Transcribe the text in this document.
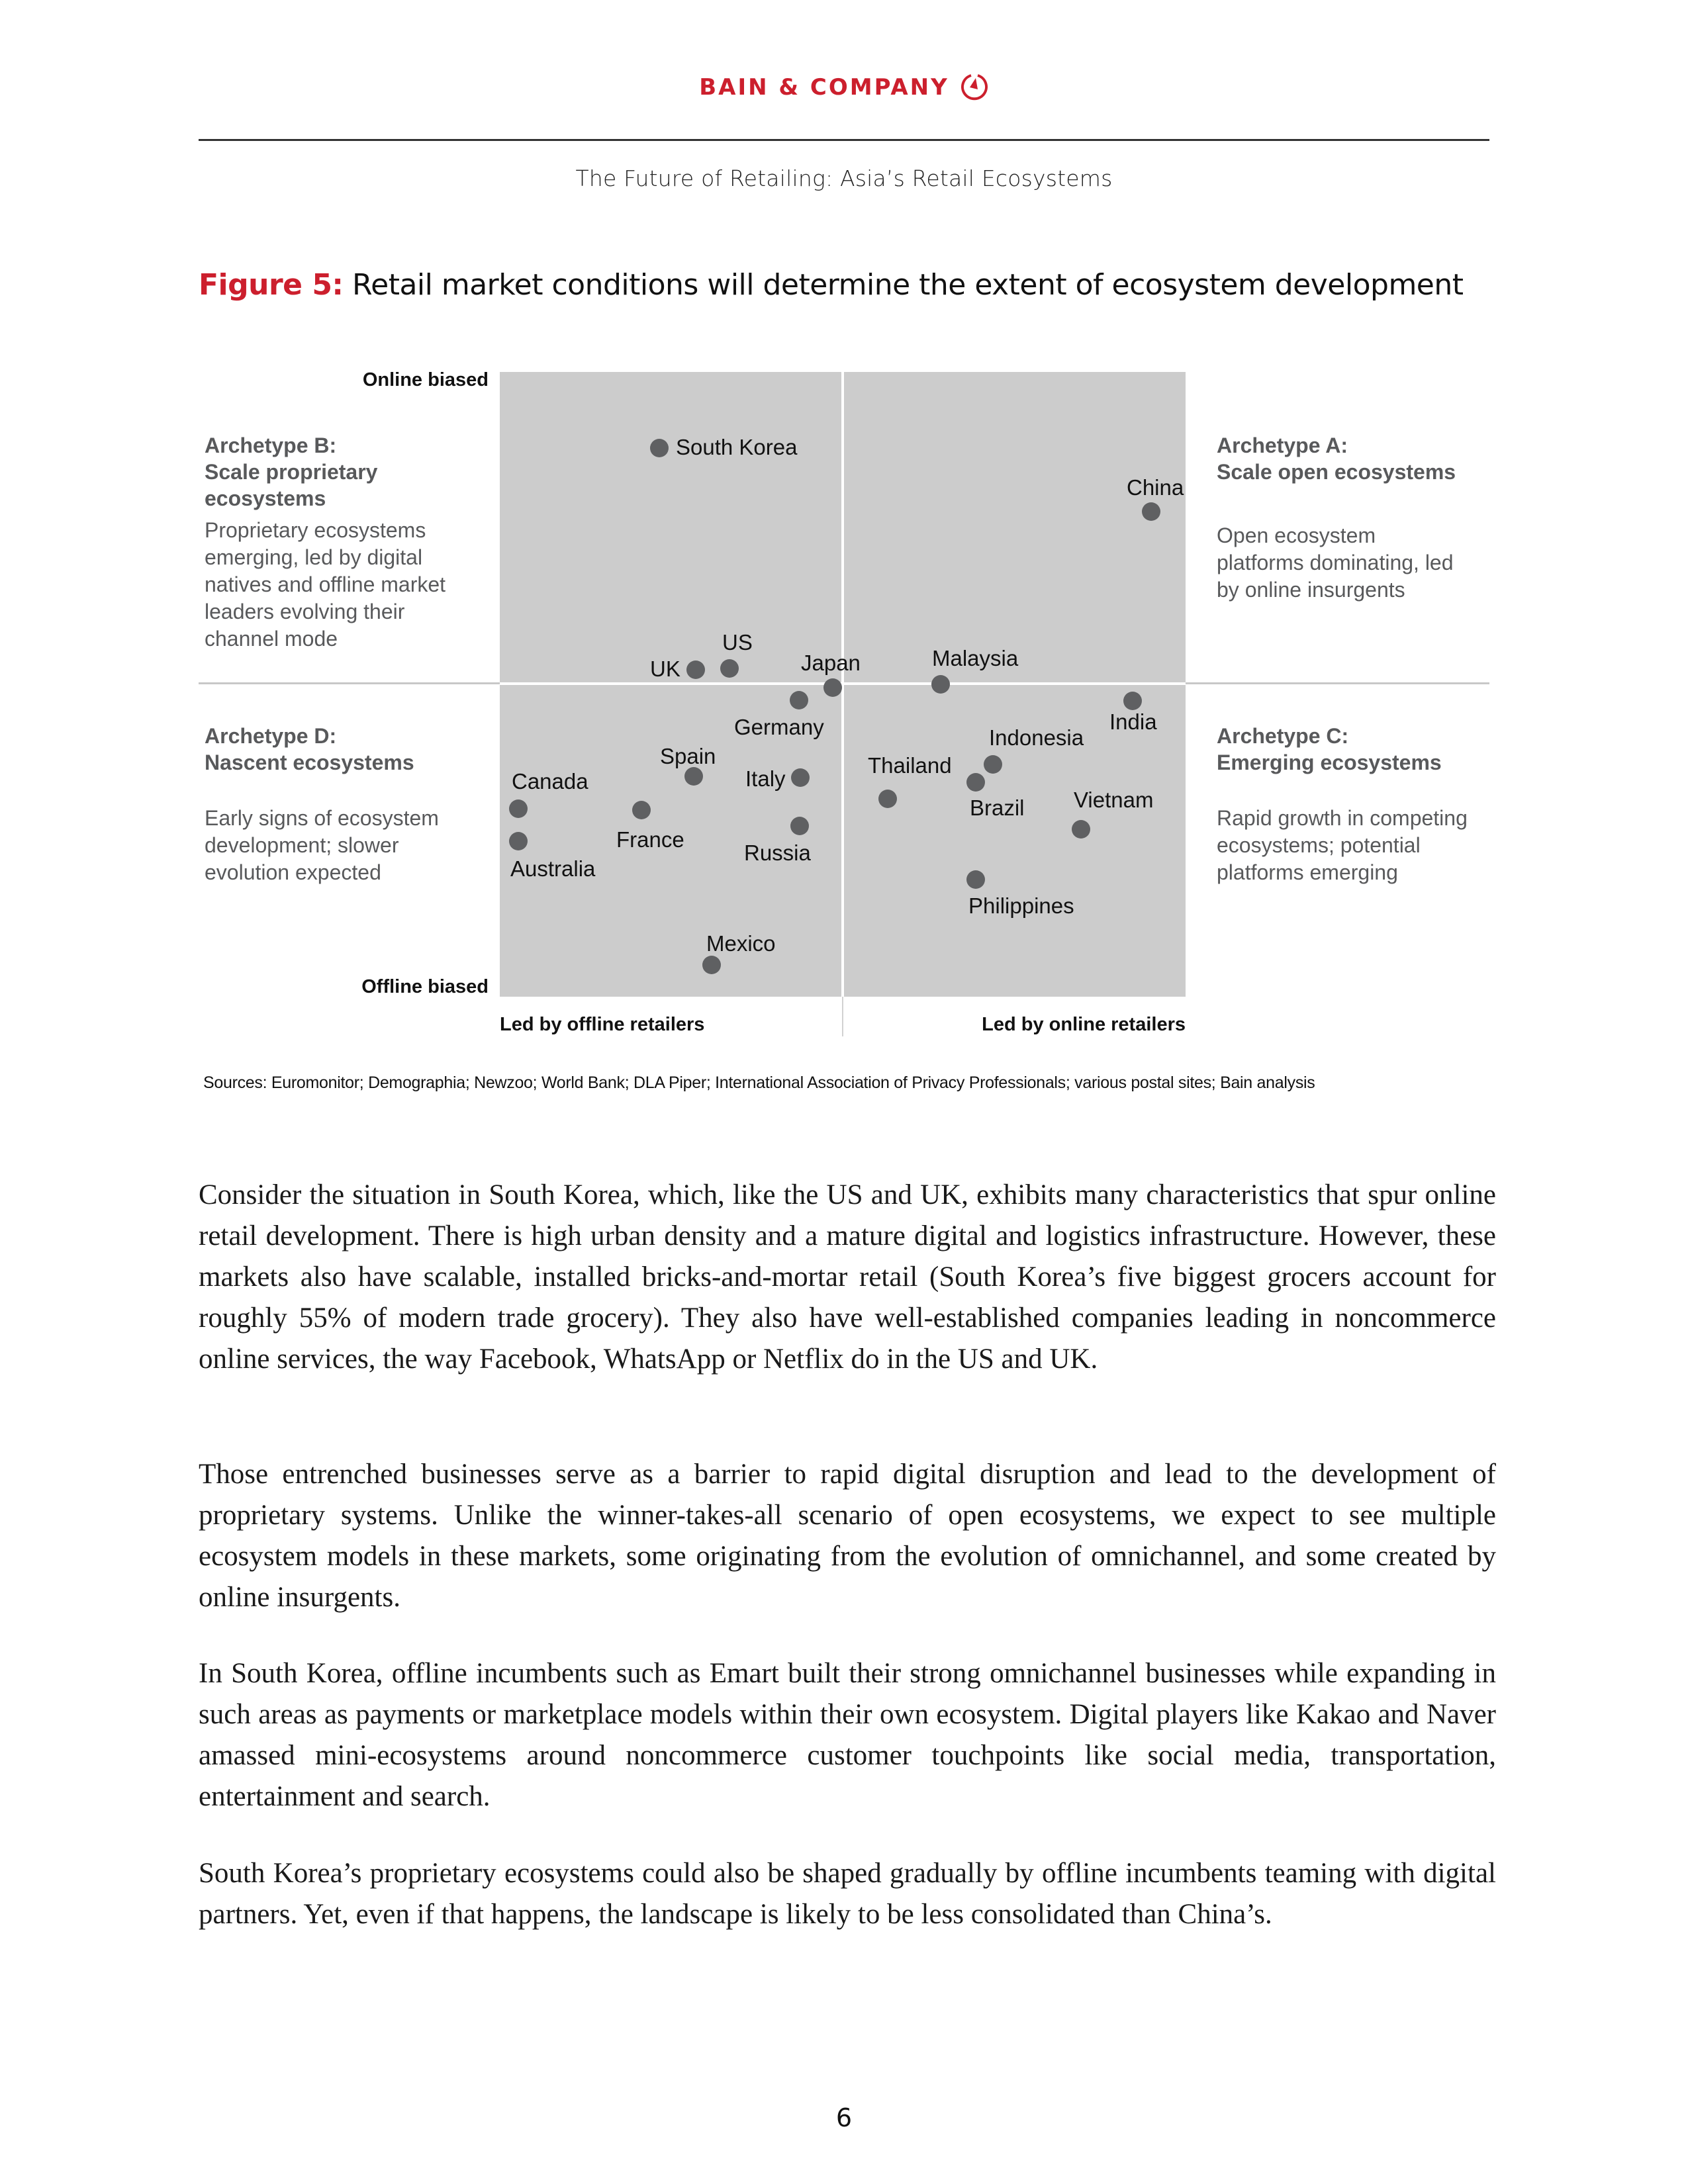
BAIN & COMPANY
The Future of Retailing: Asia’s Retail Ecosystems
Figure 5: Retail market conditions will determine the extent of ecosystem development
Online biased
Offline biased
Led by offline retailers	Led by online retailers
Archetype B:
Scale proprietary ecosystems
Proprietary ecosystems emerging, led by digital natives and offline market leaders evolving their channel mode
Archetype A:
Scale open ecosystems
Open ecosystem platforms dominating, led by online insurgents
Archetype D:
Nascent ecosystems
Early signs of ecosystem development; slower evolution expected
Archetype C:
Emerging ecosystems
Rapid growth in competing ecosystems; potential platforms emerging
South Korea
China
UK
US
Japan	Malaysia
Germany	India
Indonesia
Brazil
Spain
Italy
Thailand
Canada
France
Vietnam
Russia
Australia
Philippines
Mexico
Sources: Euromonitor; Demographia; Newzoo; World Bank; DLA Piper; International Association of Privacy Professionals; various postal sites; Bain analysis

Consider the situation in South Korea, which, like the US and UK, exhibits many characteristics that spur online retail development. There is high urban density and a mature digital and logistics infrastructure. However, these markets also have scalable, installed bricks-and-mortar retail (South Korea’s five biggest grocers account for roughly 55% of modern trade grocery). They also have well-established companies leading in noncommerce online services, the way Facebook, WhatsApp or Netflix do in the US and UK.

Those entrenched businesses serve as a barrier to rapid digital disruption and lead to the development of proprietary systems. Unlike the winner-takes-all scenario of open ecosystems, we expect to see multiple ecosystem models in these markets, some originating from the evolution of omnichannel, and some created by online insurgents.

In South Korea, offline incumbents such as Emart built their strong omnichannel businesses while expanding in such areas as payments or marketplace models within their own ecosystem. Digital players like Kakao and Naver amassed mini-ecosystems around noncommerce customer touchpoints like social media, transportation, entertainment and search.

South Korea’s proprietary ecosystems could also be shaped gradually by offline incumbents teaming with digital partners. Yet, even if that happens, the landscape is likely to be less consolidated than China’s.

6
